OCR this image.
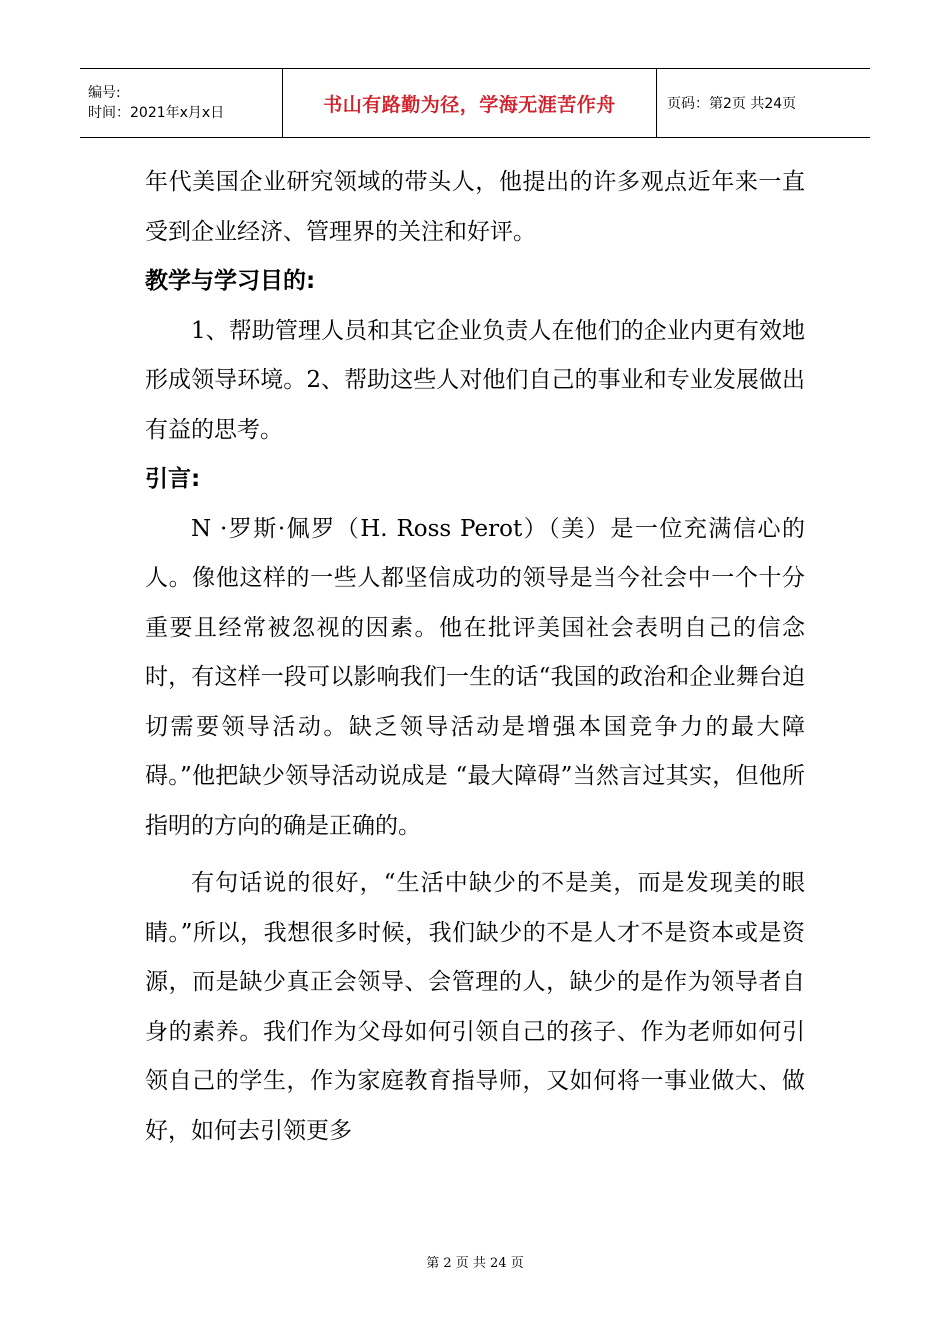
编号:
时间：2021年x月x日	书山有路勤为径，学海无涯苦作舟	页码：第2页 共24页

年代美国企业研究领域的带头人，他提出的许多观点近年来一直受到企业经济、管理界的关注和好评。

教学与学习目的:

1、帮助管理人员和其它企业负责人在他们的企业内更有效地形成领导环境。2、帮助这些人对他们自己的事业和专业发展做出有益的思考。

引言:

N ·罗斯·佩罗（H. Ross Perot）（美）是一位充满信心的人。像他这样的一些人都坚信成功的领导是当今社会中一个十分重要且经常被忽视的因素。他在批评美国社会表明自己的信念时，有这样一段可以影响我们一生的话“我国的政治和企业舞台迫切需要领导活动。缺乏领导活动是增强本国竞争力的最大障碍。”他把缺少领导活动说成是 “最大障碍”当然言过其实，但他所指明的方向的确是正确的。

有句话说的很好，“生活中缺少的不是美，而是发现美的眼睛。”所以，我想很多时候，我们缺少的不是人才不是资本或是资源，而是缺少真正会领导、会管理的人，缺少的是作为领导者自身的素养。我们作为父母如何引领自己的孩子、作为老师如何引领自己的学生，作为家庭教育指导师，又如何将一事业做大、做好，如何去引领更多

第 2 页 共 24 页
